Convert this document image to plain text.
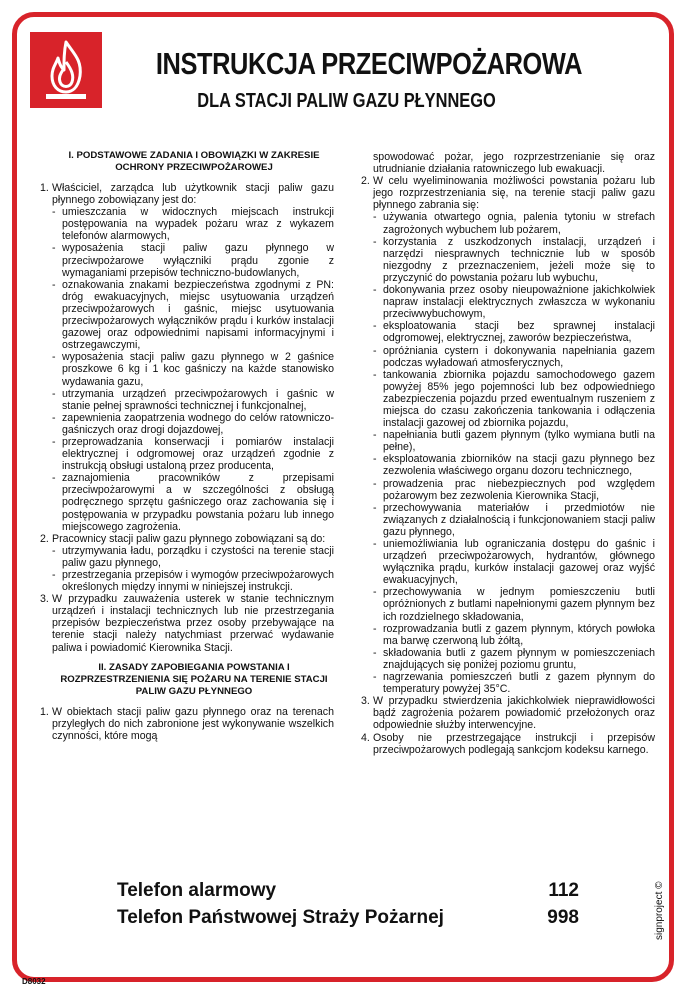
INSTRUKCJA PRZECIWPOŻAROWA
DLA STACJI PALIW GAZU PŁYNNEGO
I. PODSTAWOWE ZADANIA I OBOWIĄZKI W ZAKRESIE
OCHRONY PRZECIWPOŻAROWEJ
1. Właściciel, zarządca lub użytkownik stacji paliw gazu płynnego zobowiązany jest do:
- umieszczania w widocznych miejscach instrukcji postępowania na wypadek pożaru wraz z wykazem telefonów alarmowych,
- wyposażenia stacji paliw gazu płynnego w przeciwpożarowe wyłączniki prądu zgonie z wymaganiami przepisów techniczno-budowlanych,
- oznakowania znakami bezpieczeństwa zgodnymi z PN: dróg ewakuacyjnych, miejsc usytuowania urządzeń przeciwpożarowych i gaśnic, miejsc usytuowania przeciwpożarowych wyłączników prądu i kurków instalacji gazowej oraz odpowiednimi napisami informacyjnymi i ostrzegawczymi,
- wyposażenia stacji paliw gazu płynnego w 2 gaśnice proszkowe 6 kg i 1 koc gaśniczy na każde stanowisko wydawania gazu,
- utrzymania urządzeń przeciwpożarowych i gaśnic w stanie pełnej sprawności technicznej i funkcjonalnej,
- zapewnienia zaopatrzenia wodnego do celów ratowniczo-gaśniczych oraz drogi dojazdowej,
- przeprowadzania konserwacji i pomiarów instalacji elektrycznej i odgromowej oraz urządzeń zgodnie z instrukcją obsługi ustaloną przez producenta,
- zaznajomienia pracowników z przepisami przeciwpożarowymi a w szczególności z obsługą podręcznego sprzętu gaśniczego oraz zachowania się i postępowania w przypadku powstania pożaru lub innego miejscowego zagrożenia.
2. Pracownicy stacji paliw gazu płynnego zobowiązani są do:
- utrzymywania ładu, porządku i czystości na terenie stacji paliw gazu płynnego,
- przestrzegania przepisów i wymogów przeciwpożarowych określonych między innymi w niniejszej instrukcji.
3. W przypadku zauważenia usterek w stanie technicznym urządzeń i instalacji technicznych lub nie przestrzegania przepisów bezpieczeństwa przez osoby przebywające na terenie stacji należy natychmiast przerwać wydawanie paliwa i powiadomić Kierownika Stacji.
II. ZASADY ZAPOBIEGANIA POWSTANIA I
ROZPRZESTRZENIENIA SIĘ POŻARU NA TERENIE STACJI
PALIW GAZU PŁYNNEGO
1. W obiektach stacji paliw gazu płynnego oraz na terenach przyległych do nich zabronione jest wykonywanie wszelkich czynności, które mogą
spowodować pożar, jego rozprzestrzenianie się oraz utrudnianie działania ratowniczego lub ewakuacji.
2. W celu wyeliminowania możliwości powstania pożaru lub jego rozprzestrzeniania się, na terenie stacji paliw gazu płynnego zabrania się:
- używania otwartego ognia, palenia tytoniu w strefach zagrożonych wybuchem lub pożarem,
- korzystania z uszkodzonych instalacji, urządzeń i narzędzi niesprawnych technicznie lub w sposób niezgodny z przeznaczeniem, jeżeli może się to przyczynić do powstania pożaru lub wybuchu,
- dokonywania przez osoby nieupoważnione jakichkolwiek napraw instalacji elektrycznych zwłaszcza w wykonaniu przeciwwybuchowym,
- eksploatowania stacji bez sprawnej instalacji odgromowej, elektrycznej, zaworów bezpieczeństwa,
- opróżniania cystern i dokonywania napełniania gazem podczas wyładowań atmosferycznych,
- tankowania zbiornika pojazdu samochodowego gazem powyżej 85% jego pojemności lub bez odpowiedniego zabezpieczenia pojazdu przed ewentualnym ruszeniem z miejsca do czasu zakończenia tankowania i odłączenia instalacji gazowej od zbiornika pojazdu,
- napełniania butli gazem płynnym (tylko wymiana butli na pełne),
- eksploatowania zbiorników na stacji gazu płynnego bez zezwolenia właściwego organu dozoru technicznego,
- prowadzenia prac niebezpiecznych pod względem pożarowym bez zezwolenia Kierownika Stacji,
- przechowywania materiałów i przedmiotów nie związanych z działalnością i funkcjonowaniem stacji paliw gazu płynnego,
- uniemożliwiania lub ograniczania dostępu do gaśnic i urządzeń przeciwpożarowych, hydrantów, głównego wyłącznika prądu, kurków instalacji gazowej oraz wyjść ewakuacyjnych,
- przechowywania w jednym pomieszczeniu butli opróżnionych z butlami napełnionymi gazem płynnym bez ich rozdzielnego składowania,
- rozprowadzania butli z gazem płynnym, których powłoka ma barwę czerwoną lub żółtą,
- składowania butli z gazem płynnym w pomieszczeniach znajdujących się poniżej poziomu gruntu,
- nagrzewania pomieszczeń butli z gazem płynnym do temperatury powyżej 35°C.
3. W przypadku stwierdzenia jakichkolwiek nieprawidłowości bądź zagrożenia pożarem powiadomić przełożonych oraz odpowiednie służby interwencyjne.
4. Osoby nie przestrzegające instrukcji i przepisów przeciwpożarowych podlegają sankcjom kodeksu karnego.
Telefon alarmowy	112
Telefon Państwowej Straży Pożarnej	998	signproject ©
D8032
